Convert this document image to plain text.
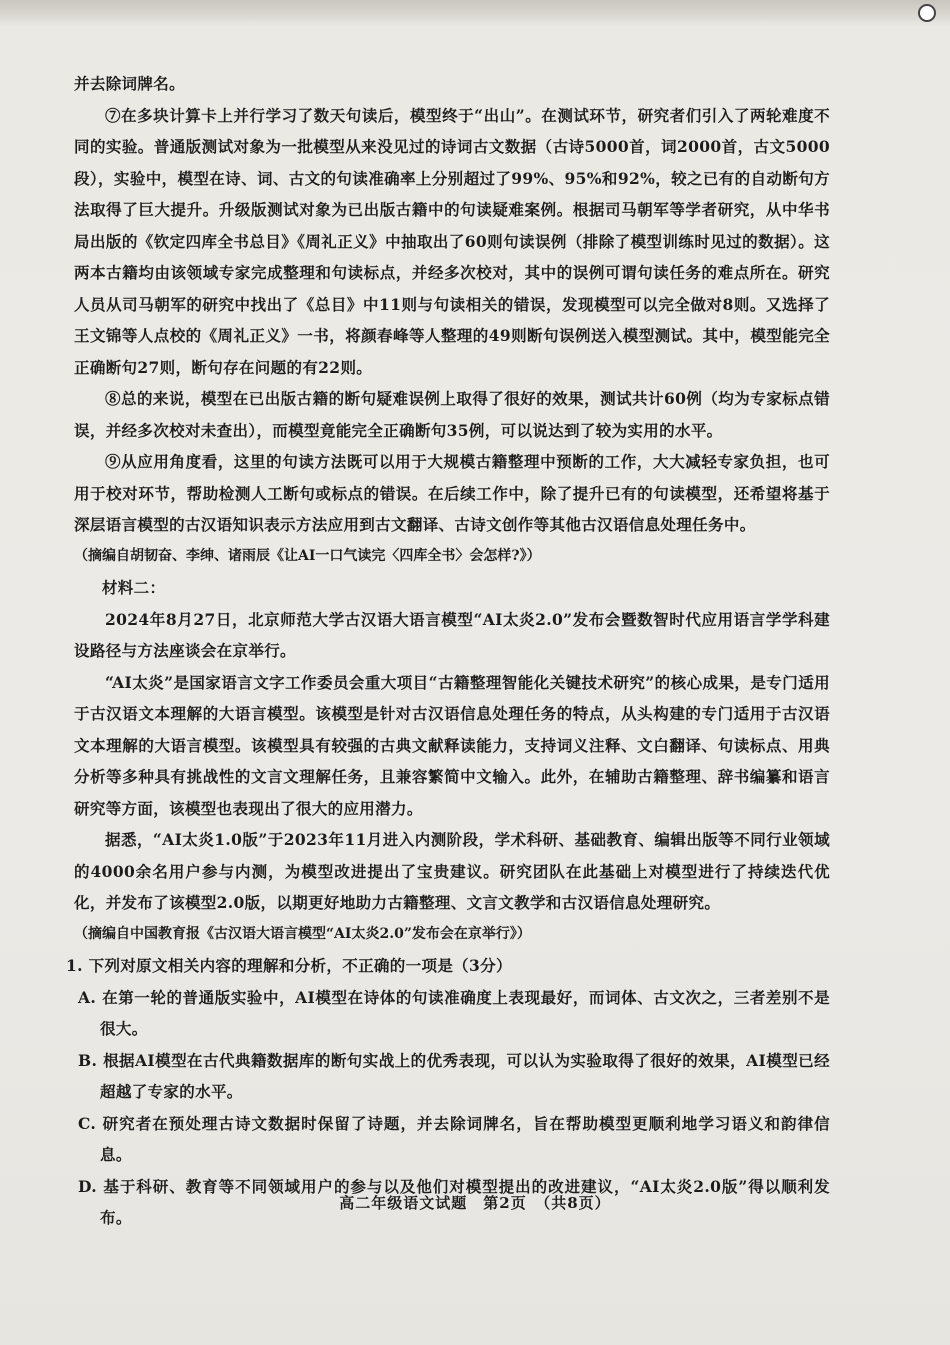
并去除词牌名。

⑦在多块计算卡上并行学习了数天句读后，模型终于“出山”。在测试环节，研究者们引入了两轮难度不同的实验。普通版测试对象为一批模型从来没见过的诗词古文数据（古诗5000首，词2000首，古文5000段），实验中，模型在诗、词、古文的句读准确率上分别超过了99%、95%和92%，较之已有的自动断句方法取得了巨大提升。升级版测试对象为已出版古籍中的句读疑难案例。根据司马朝军等学者研究，从中华书局出版的《钦定四库全书总目》《周礼正义》中抽取出了60则句读误例（排除了模型训练时见过的数据）。这两本古籍均由该领域专家完成整理和句读标点，并经多次校对，其中的误例可谓句读任务的难点所在。研究人员从司马朝军的研究中找出了《总目》中11则与句读相关的错误，发现模型可以完全做对8则。又选择了王文锦等人点校的《周礼正义》一书，将颜春峰等人整理的49则断句误例送入模型测试。其中，模型能完全正确断句27则，断句存在问题的有22则。

⑧总的来说，模型在已出版古籍的断句疑难误例上取得了很好的效果，测试共计60例（均为专家标点错误，并经多次校对未查出），而模型竟能完全正确断句35例，可以说达到了较为实用的水平。

⑨从应用角度看，这里的句读方法既可以用于大规模古籍整理中预断的工作，大大减轻专家负担，也可用于校对环节，帮助检测人工断句或标点的错误。在后续工作中，除了提升已有的句读模型，还希望将基于深层语言模型的古汉语知识表示方法应用到古文翻译、古诗文创作等其他古汉语信息处理任务中。

（摘编自胡韧奋、李绅、诸雨辰《让AI一口气读完〈四库全书〉会怎样?》）

材料二：

2024年8月27日，北京师范大学古汉语大语言模型“AI太炎2.0”发布会暨数智时代应用语言学学科建设路径与方法座谈会在京举行。

“AI太炎”是国家语言文字工作委员会重大项目“古籍整理智能化关键技术研究”的核心成果，是专门适用于古汉语文本理解的大语言模型。该模型是针对古汉语信息处理任务的特点，从头构建的专门适用于古汉语文本理解的大语言模型。该模型具有较强的古典文献释读能力，支持词义注释、文白翻译、句读标点、用典分析等多种具有挑战性的文言文理解任务，且兼容繁简中文输入。此外，在辅助古籍整理、辞书编纂和语言研究等方面，该模型也表现出了很大的应用潜力。

据悉，“AI太炎1.0版”于2023年11月进入内测阶段，学术科研、基础教育、编辑出版等不同行业领域的4000余名用户参与内测，为模型改进提出了宝贵建议。研究团队在此基础上对模型进行了持续迭代优化，并发布了该模型2.0版，以期更好地助力古籍整理、文言文教学和古汉语信息处理研究。

（摘编自中国教育报《古汉语大语言模型“AI太炎2.0”发布会在京举行》）

1. 下列对原文相关内容的理解和分析，不正确的一项是（3分）

A. 在第一轮的普通版实验中，AI模型在诗体的句读准确度上表现最好，而词体、古文次之，三者差别不是很大。

B. 根据AI模型在古代典籍数据库的断句实战上的优秀表现，可以认为实验取得了很好的效果，AI模型已经超越了专家的水平。

C. 研究者在预处理古诗文数据时保留了诗题，并去除词牌名，旨在帮助模型更顺利地学习语义和韵律信息。

D. 基于科研、教育等不同领域用户的参与以及他们对模型提出的改进建议，“AI太炎2.0版”得以顺利发布。

高二年级语文试题　第2页　（共8页）
